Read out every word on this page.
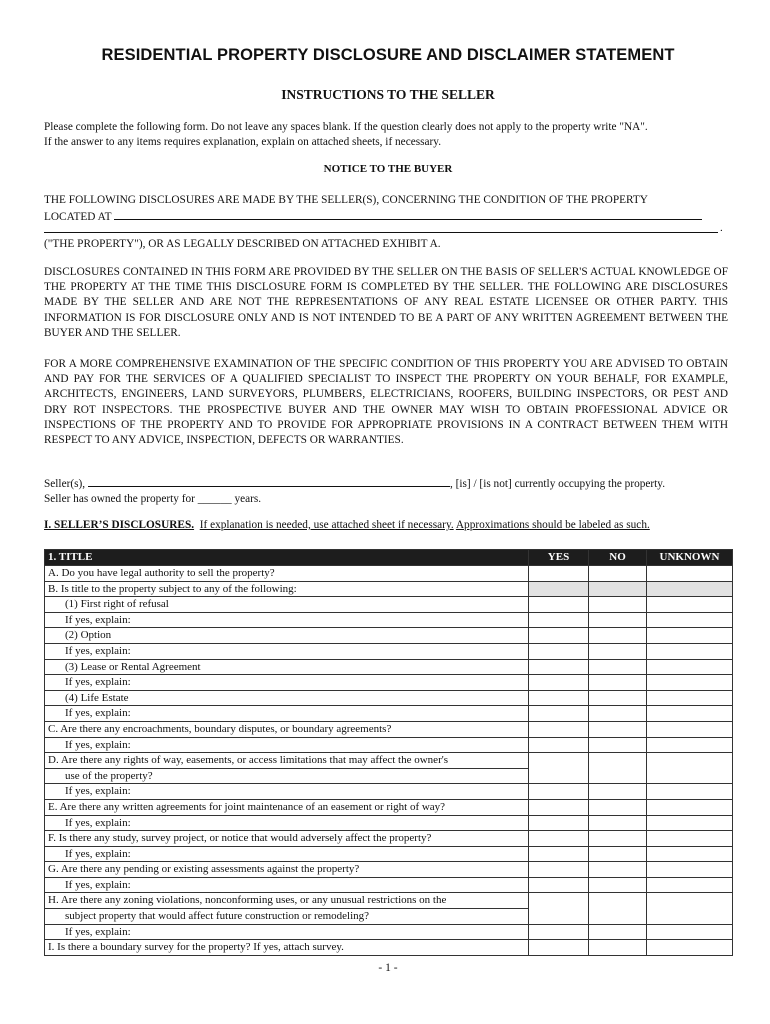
RESIDENTIAL PROPERTY DISCLOSURE AND DISCLAIMER STATEMENT
INSTRUCTIONS TO THE SELLER
Please complete the following form. Do not leave any spaces blank. If the question clearly does not apply to the property write "NA".
If the answer to any items requires explanation, explain on attached sheets, if necessary.
NOTICE TO THE BUYER
THE FOLLOWING DISCLOSURES ARE MADE BY THE SELLER(S), CONCERNING THE CONDITION OF THE PROPERTY
LOCATED AT
.
("THE PROPERTY"), OR AS LEGALLY DESCRIBED ON ATTACHED EXHIBIT A.
DISCLOSURES CONTAINED IN THIS FORM ARE PROVIDED BY THE SELLER ON THE BASIS OF SELLER'S ACTUAL KNOWLEDGE OF THE PROPERTY AT THE TIME THIS DISCLOSURE FORM IS COMPLETED BY THE SELLER. THE FOLLOWING ARE DISCLOSURES MADE BY THE SELLER AND ARE NOT THE REPRESENTATIONS OF ANY REAL ESTATE LICENSEE OR OTHER PARTY. THIS INFORMATION IS FOR DISCLOSURE ONLY AND IS NOT INTENDED TO BE A PART OF ANY WRITTEN AGREEMENT BETWEEN THE BUYER AND THE SELLER.
FOR A MORE COMPREHENSIVE EXAMINATION OF THE SPECIFIC CONDITION OF THIS PROPERTY YOU ARE ADVISED TO OBTAIN AND PAY FOR THE SERVICES OF A QUALIFIED SPECIALIST TO INSPECT THE PROPERTY ON YOUR BEHALF, FOR EXAMPLE, ARCHITECTS, ENGINEERS, LAND SURVEYORS, PLUMBERS, ELECTRICIANS, ROOFERS, BUILDING INSPECTORS, OR PEST AND DRY ROT INSPECTORS. THE PROSPECTIVE BUYER AND THE OWNER MAY WISH TO OBTAIN PROFESSIONAL ADVICE OR INSPECTIONS OF THE PROPERTY AND TO PROVIDE FOR APPROPRIATE PROVISIONS IN A CONTRACT BETWEEN THEM WITH RESPECT TO ANY ADVICE, INSPECTION, DEFECTS OR WARRANTIES.
Seller(s),	, [is] / [is not] currently occupying the property.
Seller has owned the property for ______ years.
I. SELLER’S DISCLOSURES. If explanation is needed, use attached sheet if necessary. Approximations should be labeled as such.
1. TITLE	YES	NO	UNKNOWN
A. Do you have legal authority to sell the property?			
B. Is title to the property subject to any of the following:			
(1) First right of refusal			
If yes, explain:			
(2) Option			
If yes, explain:			
(3) Lease or Rental Agreement			
If yes, explain:			
(4) Life Estate			
If yes, explain:			
C. Are there any encroachments, boundary disputes, or boundary agreements?			
If yes, explain:			
D. Are there any rights of way, easements, or access limitations that may affect the owner's			
use of the property?			
If yes, explain:			
E. Are there any written agreements for joint maintenance of an easement or right of way?			
If yes, explain:			
F. Is there any study, survey project, or notice that would adversely affect the property?			
If yes, explain:			
G. Are there any pending or existing assessments against the property?			
If yes, explain:			
H. Are there any zoning violations, nonconforming uses, or any unusual restrictions on the			
subject property that would affect future construction or remodeling?			
If yes, explain:			
I. Is there a boundary survey for the property? If yes, attach survey.			
- 1 -
